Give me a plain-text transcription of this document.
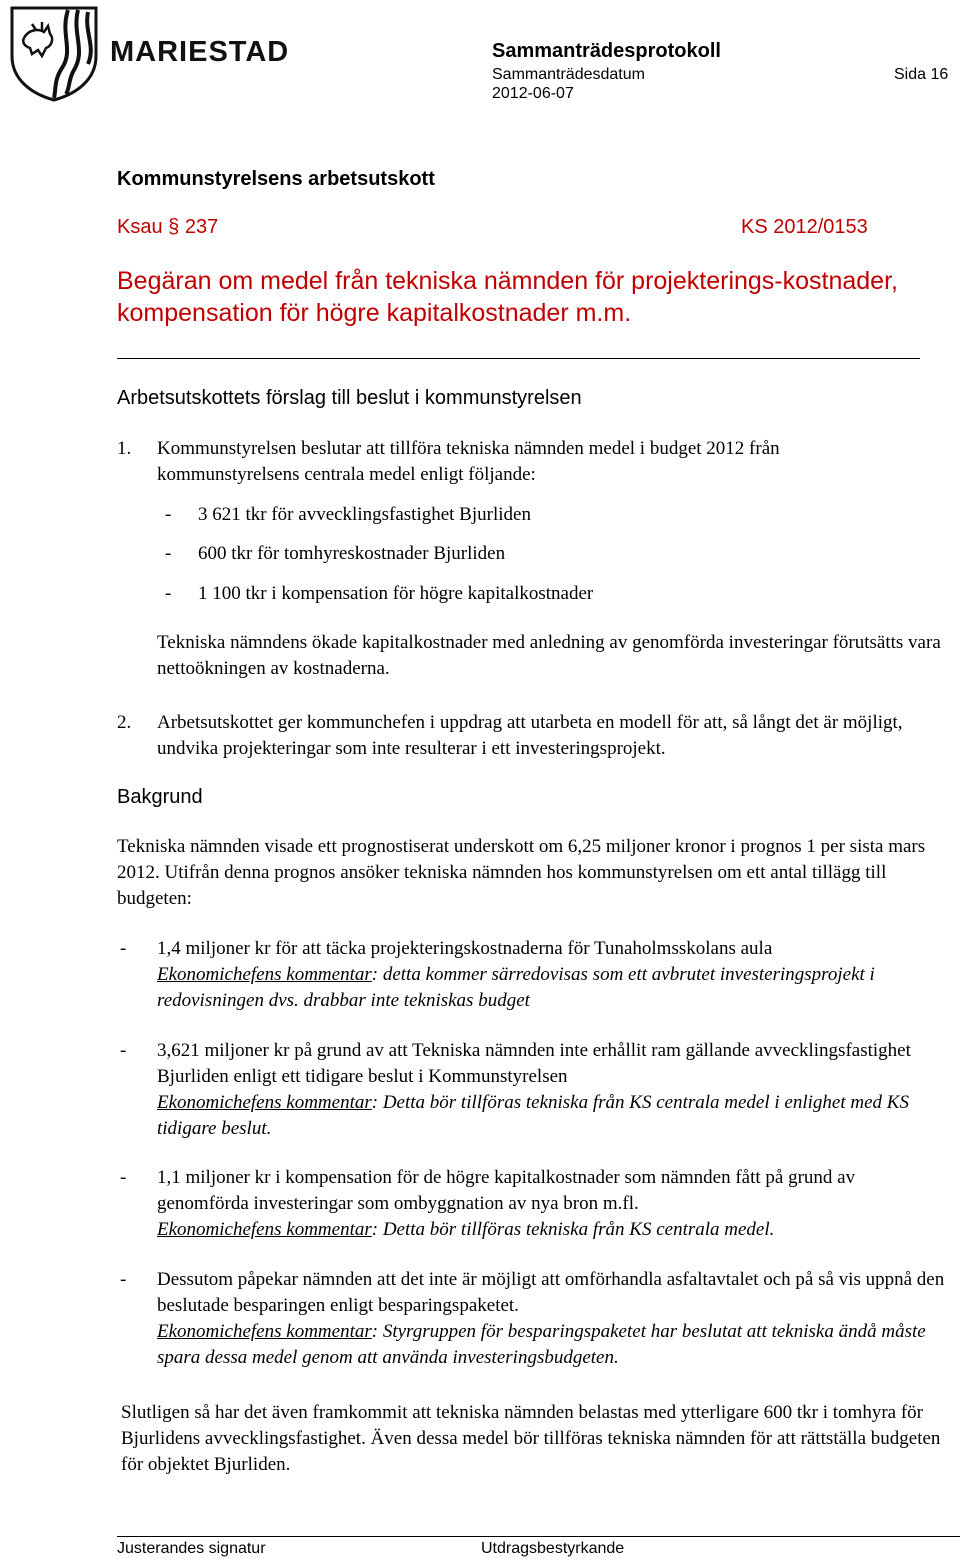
MARIESTAD	Sammanträdesprotokoll
Sammanträdesdatum	Sida 16
2012-06-07
Kommunstyrelsens arbetsutskott
Ksau § 237	KS 2012/0153
Begäran om medel från tekniska nämnden för projekterings-kostnader, kompensation för högre kapitalkostnader m.m.
Arbetsutskottets förslag till beslut i kommunstyrelsen
1. Kommunstyrelsen beslutar att tillföra tekniska nämnden medel i budget 2012 från kommunstyrelsens centrala medel enligt följande:
- 3 621 tkr för avvecklingsfastighet Bjurliden
- 600 tkr för tomhyreskostnader Bjurliden
- 1 100 tkr i kompensation för högre kapitalkostnader
Tekniska nämndens ökade kapitalkostnader med anledning av genomförda investeringar förutsätts vara nettoökningen av kostnaderna.
2. Arbetsutskottet ger kommunchefen i uppdrag att utarbeta en modell för att, så långt det är möjligt, undvika projekteringar som inte resulterar i ett investeringsprojekt.
Bakgrund
Tekniska nämnden visade ett prognostiserat underskott om 6,25 miljoner kronor i prognos 1 per sista mars 2012. Utifrån denna prognos ansöker tekniska nämnden hos kommunstyrelsen om ett antal tillägg till budgeten:
- 1,4 miljoner kr för att täcka projekteringskostnaderna för Tunaholmsskolans aula
Ekonomichefens kommentar: detta kommer särredovisas som ett avbrutet investeringsprojekt i redovisningen dvs. drabbar inte tekniskas budget
- 3,621 miljoner kr på grund av att Tekniska nämnden inte erhållit ram gällande avvecklingsfastighet Bjurliden enligt ett tidigare beslut i Kommunstyrelsen
Ekonomichefens kommentar: Detta bör tillföras tekniska från KS centrala medel i enlighet med KS tidigare beslut.
- 1,1 miljoner kr i kompensation för de högre kapitalkostnader som nämnden fått på grund av genomförda investeringar som ombyggnation av nya bron m.fl.
Ekonomichefens kommentar: Detta bör tillföras tekniska från KS centrala medel.
- Dessutom påpekar nämnden att det inte är möjligt att omförhandla asfaltavtalet och på så vis uppnå den beslutade besparingen enligt besparingspaketet.
Ekonomichefens kommentar: Styrgruppen för besparingspaketet har beslutat att tekniska ändå måste spara dessa medel genom att använda investeringsbudgeten.
Slutligen så har det även framkommit att tekniska nämnden belastas med ytterligare 600 tkr i tomhyra för Bjurlidens avvecklingsfastighet. Även dessa medel bör tillföras tekniska nämnden för att rättställa budgeten för objektet Bjurliden.
Justerandes signatur	Utdragsbestyrkande
